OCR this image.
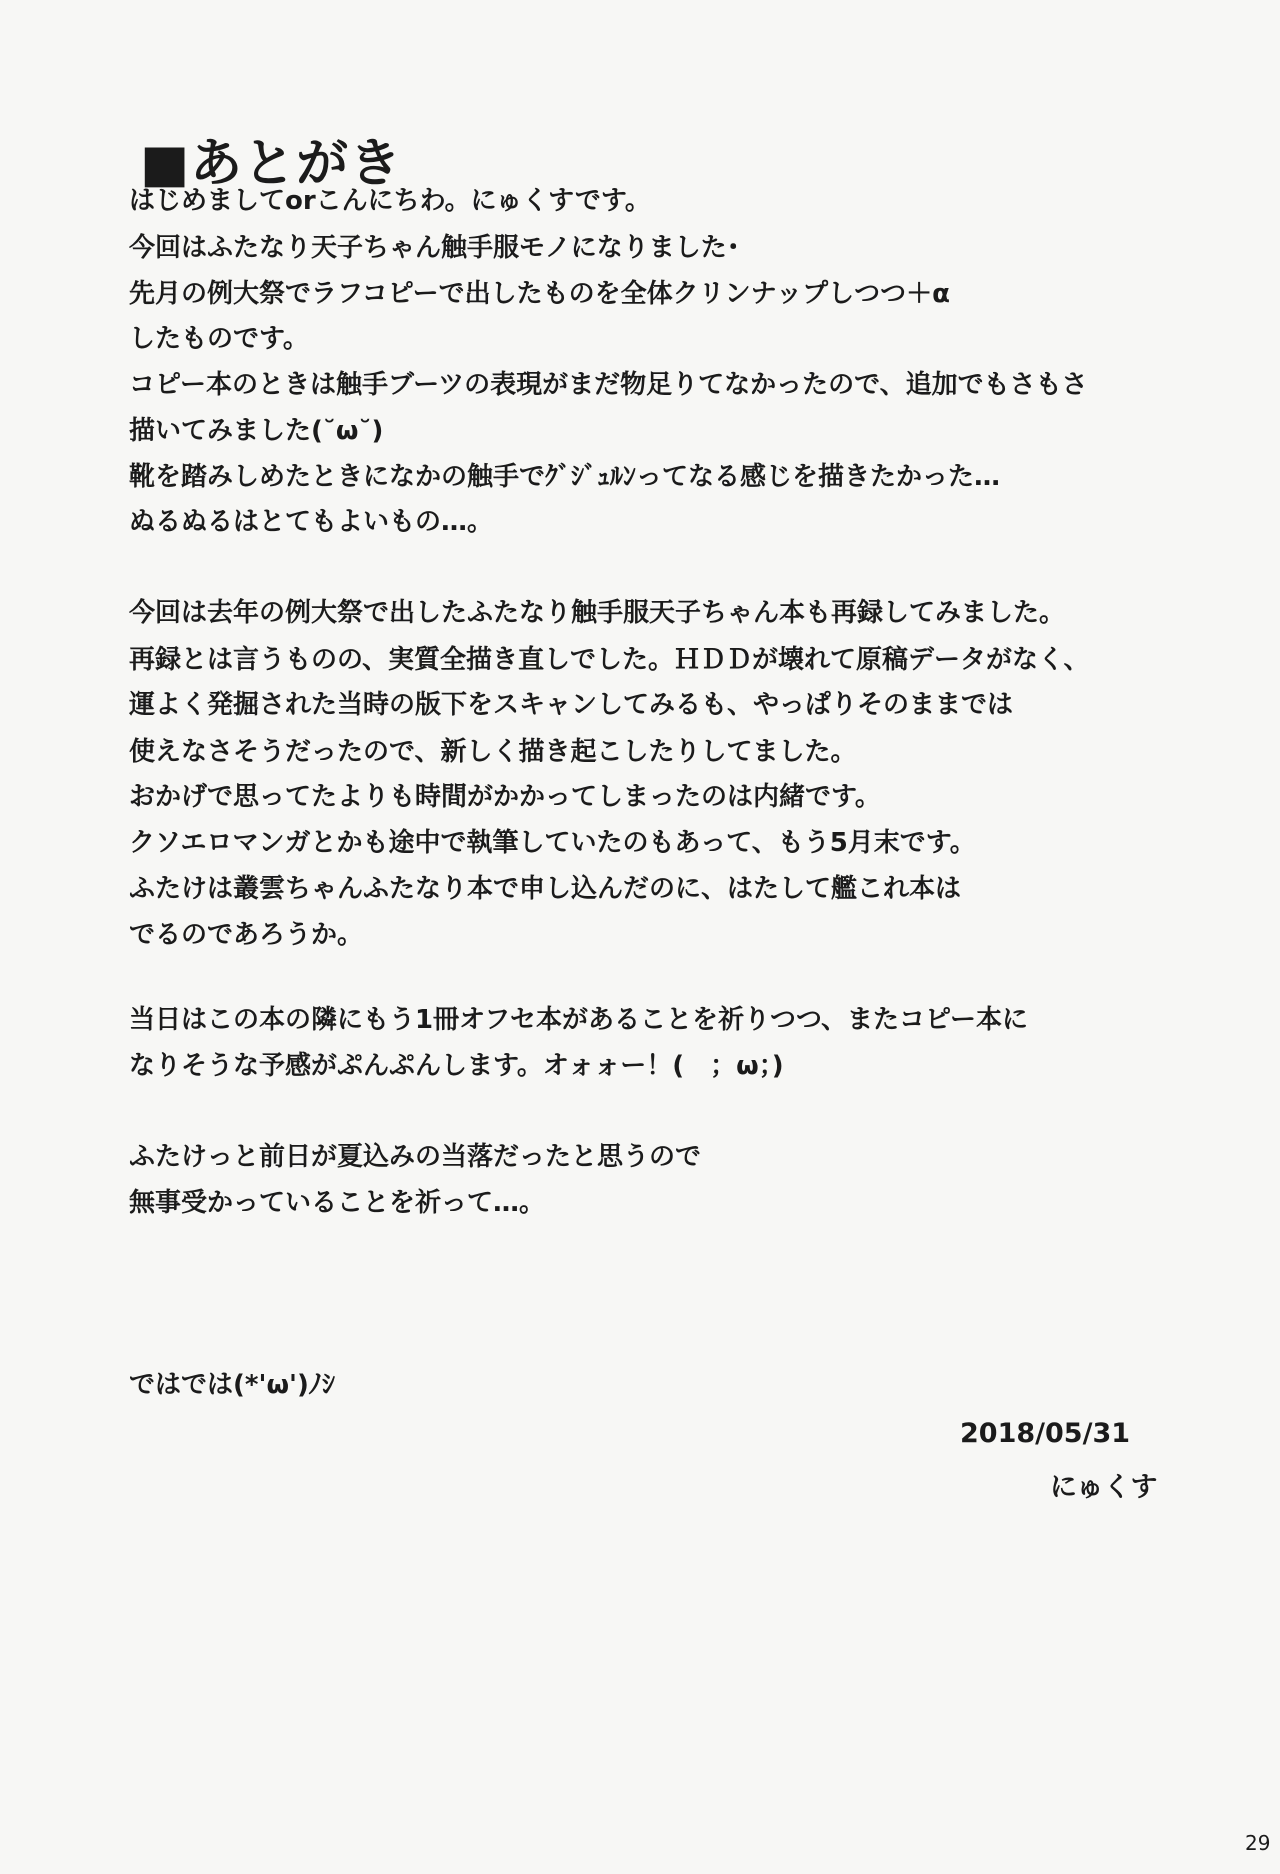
■あとがき
はじめましてorこんにちわ。にゅくすです。
今回はふたなり天子ちゃん触手服モノになりました･
先月の例大祭でラフコピーで出したものを全体クリンナップしつつ＋α
したものです。
コピー本のときは触手ブーツの表現がまだ物足りてなかったので、追加でもさもさ
描いてみました(˘ω˘)
靴を踏みしめたときになかの触手でｸﾞｼﾞｭﾙﾝってなる感じを描きたかった…
ぬるぬるはとてもよいもの…。
今回は去年の例大祭で出したふたなり触手服天子ちゃん本も再録してみました。
再録とは言うものの、実質全描き直しでした。ＨＤＤが壊れて原稿データがなく、
運よく発掘された当時の版下をスキャンしてみるも、やっぱりそのままでは
使えなさそうだったので、新しく描き起こしたりしてました。
おかげで思ってたよりも時間がかかってしまったのは内緒です。
クソエロマンガとかも途中で執筆していたのもあって、もう5月末です。
ふたけは叢雲ちゃんふたなり本で申し込んだのに、はたして艦これ本は
でるのであろうか。
当日はこの本の隣にもう1冊オフセ本があることを祈りつつ、またコピー本に
なりそうな予感がぷんぷんします。オォォー！(　；ω；)
ふたけっと前日が夏込みの当落だったと思うので
無事受かっていることを祈って…。
ではでは(*'ω')ﾉｼ
2018/05/31
にゅくす
29
